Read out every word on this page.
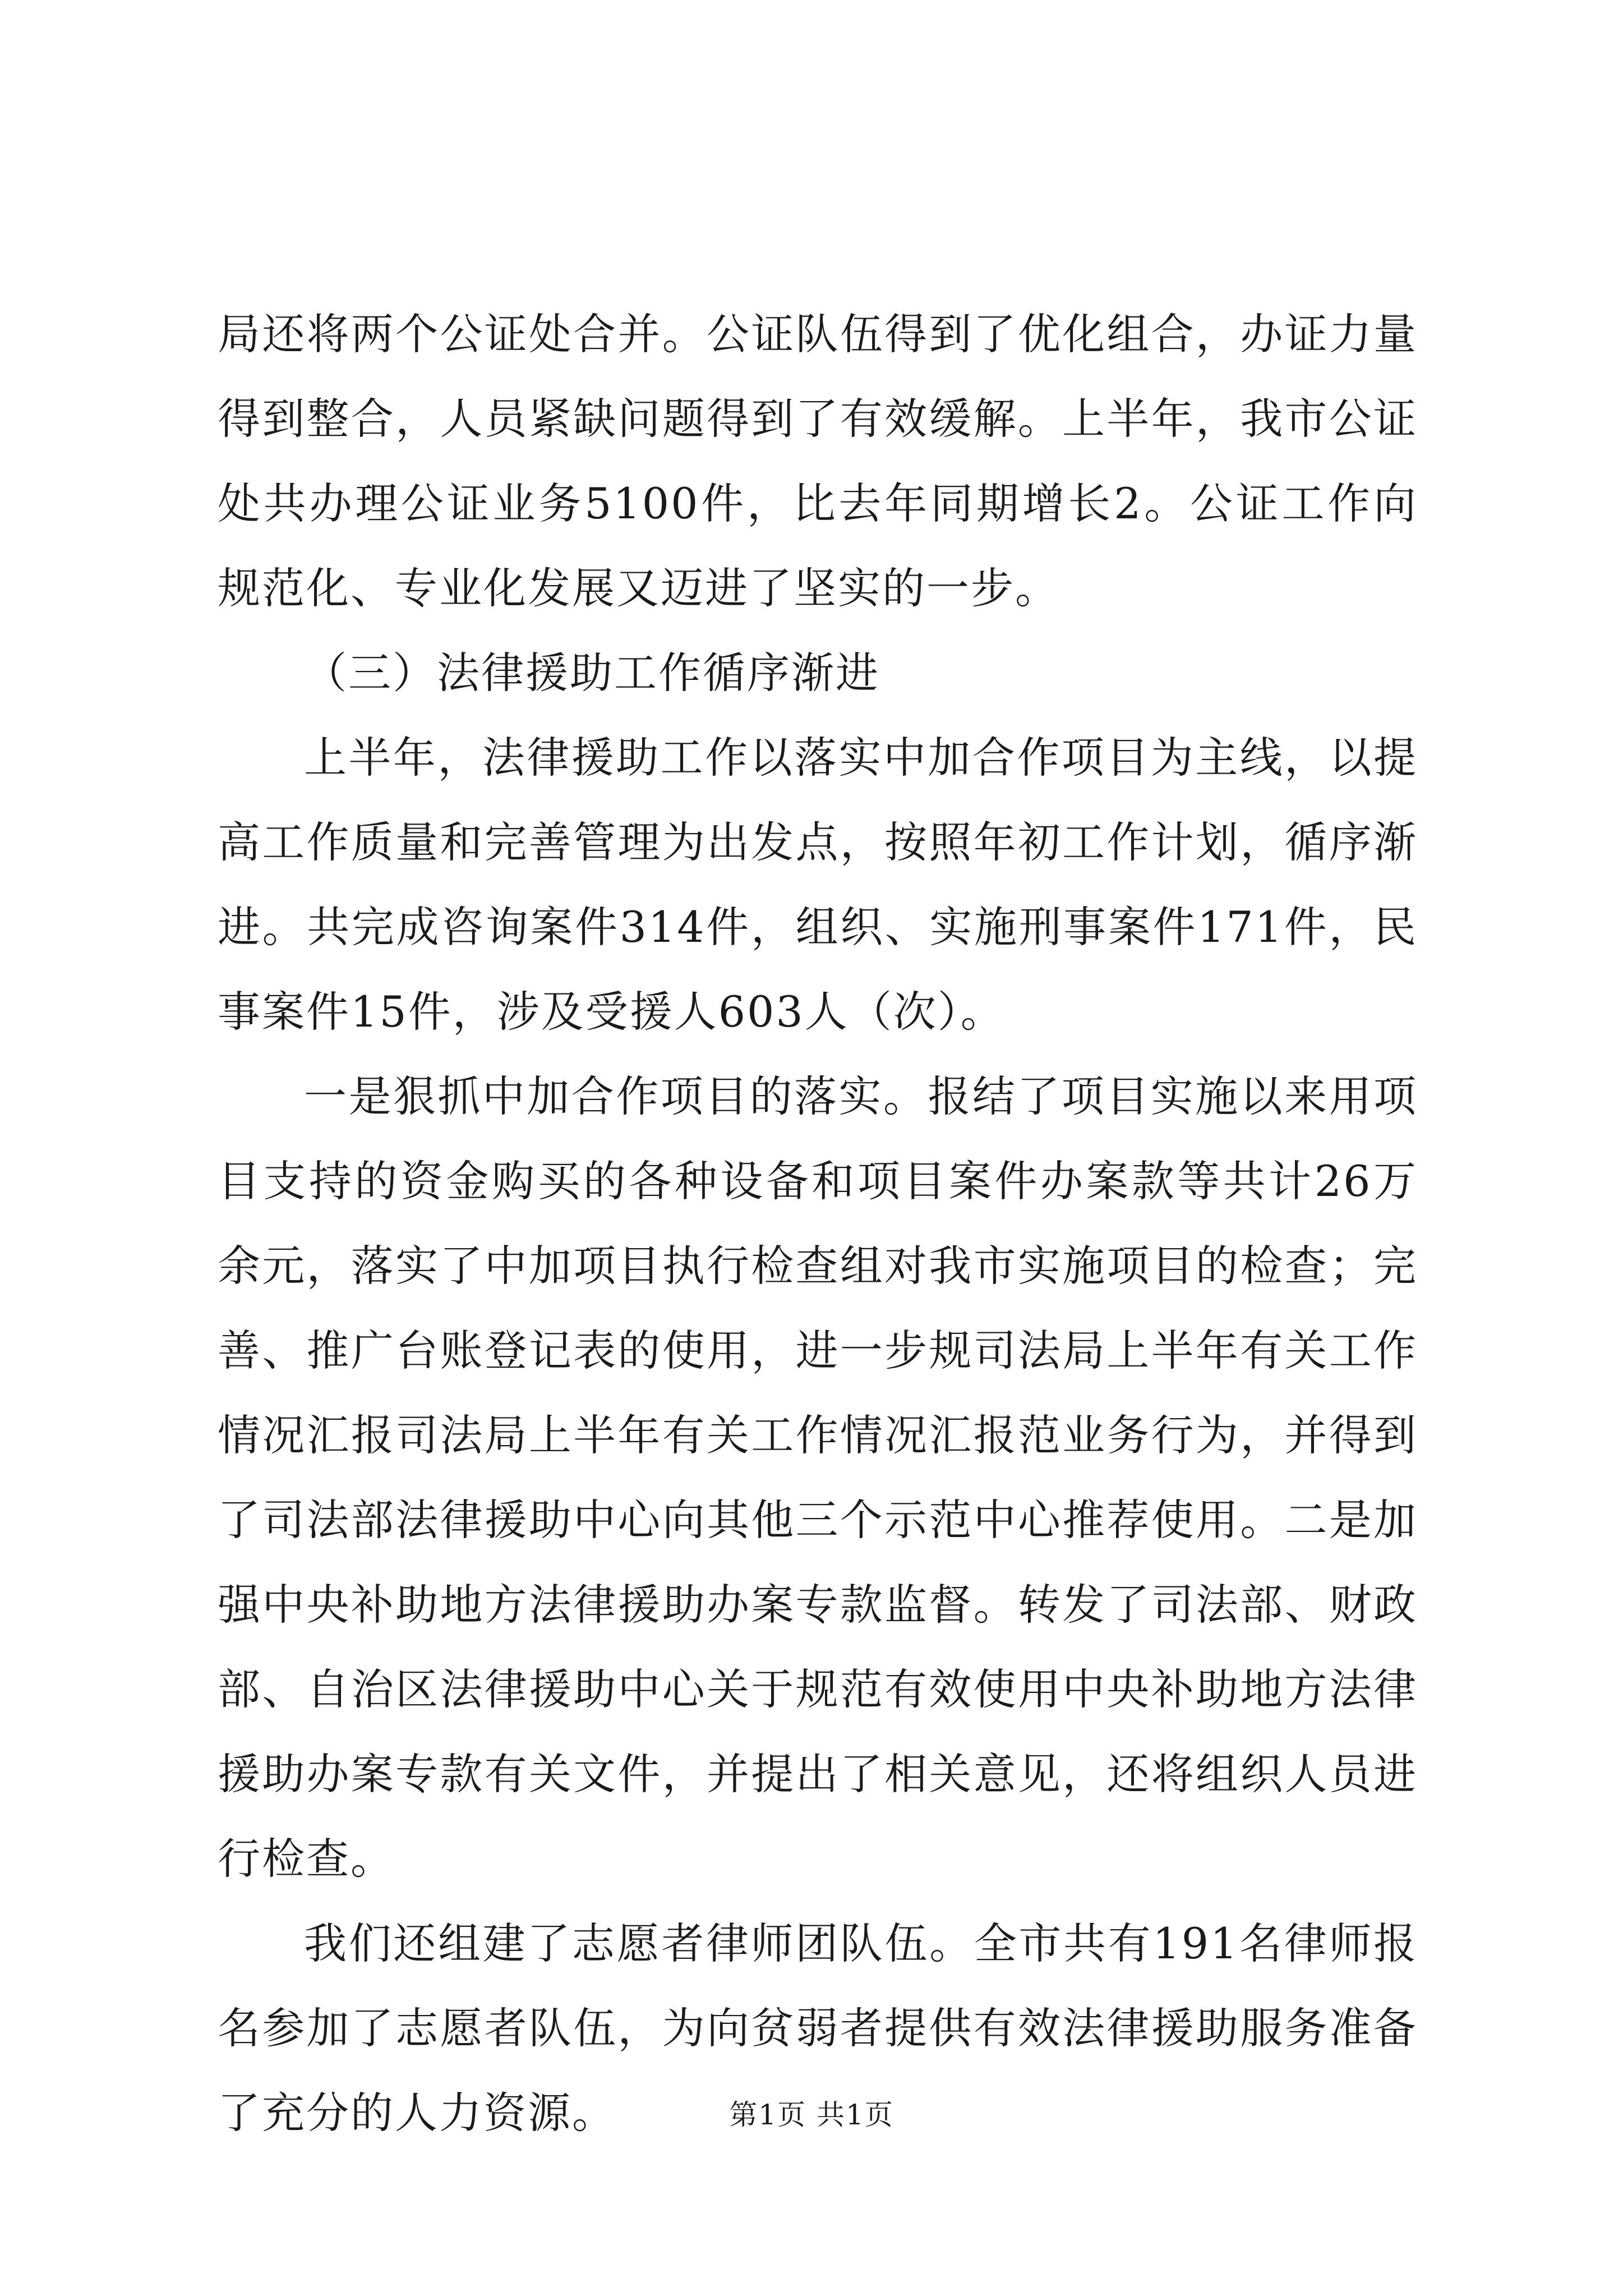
局还将两个公证处合并。公证队伍得到了优化组合，办证力量得到整合，人员紧缺问题得到了有效缓解。上半年，我市公证处共办理公证业务5100件，比去年同期增长2。公证工作向规范化、专业化发展又迈进了坚实的一步。

（三）法律援助工作循序渐进

上半年，法律援助工作以落实中加合作项目为主线，以提高工作质量和完善管理为出发点，按照年初工作计划，循序渐进。共完成咨询案件314件，组织、实施刑事案件171件，民事案件15件，涉及受援人603人（次）。

一是狠抓中加合作项目的落实。报结了项目实施以来用项目支持的资金购买的各种设备和项目案件办案款等共计26万余元，落实了中加项目执行检查组对我市实施项目的检查；完善、推广台账登记表的使用，进一步规司法局上半年有关工作情况汇报司法局上半年有关工作情况汇报范业务行为，并得到了司法部法律援助中心向其他三个示范中心推荐使用。二是加强中央补助地方法律援助办案专款监督。转发了司法部、财政部、自治区法律援助中心关于规范有效使用中央补助地方法律援助办案专款有关文件，并提出了相关意见，还将组织人员进行检查。

我们还组建了志愿者律师团队伍。全市共有191名律师报名参加了志愿者队伍，为向贫弱者提供有效法律援助服务准备了充分的人力资源。	第1页 共1页
